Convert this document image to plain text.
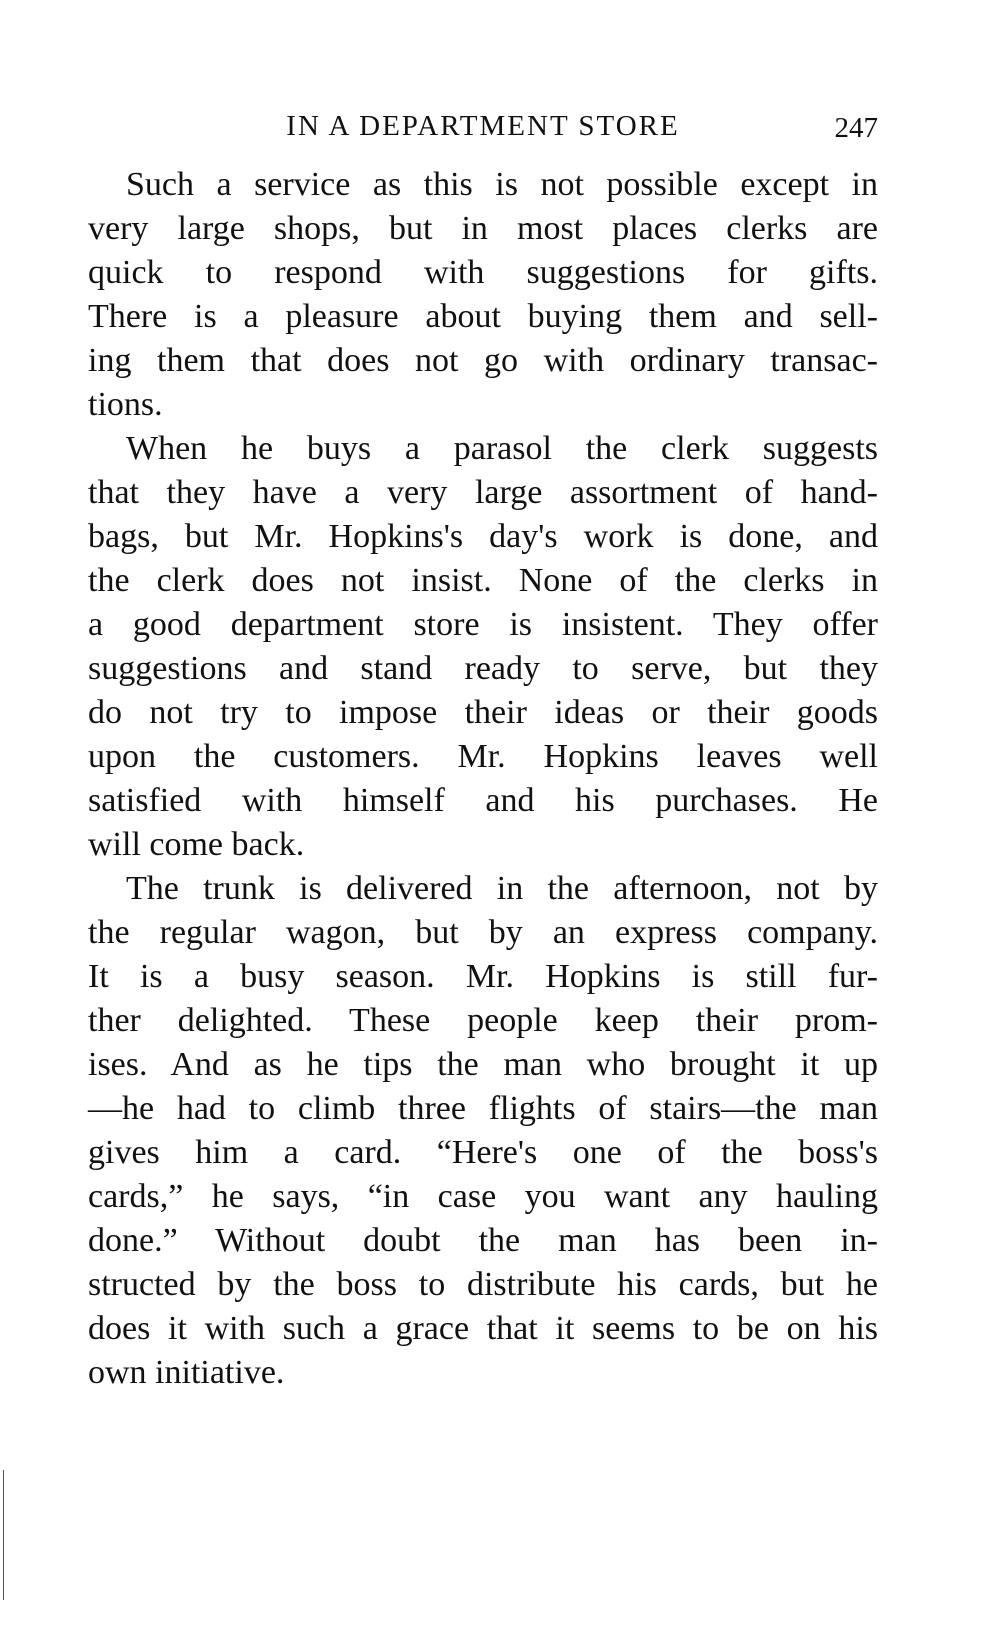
IN A DEPARTMENT STORE	247
Such a service as this is not possible except in
very large shops, but in most places clerks are
quick to respond with suggestions for gifts.
There is a pleasure about buying them and sell-
ing them that does not go with ordinary transac-
tions.
When he buys a parasol the clerk suggests
that they have a very large assortment of hand-
bags, but Mr. Hopkins's day's work is done, and
the clerk does not insist. None of the clerks in
a good department store is insistent. They offer
suggestions and stand ready to serve, but they
do not try to impose their ideas or their goods
upon the customers. Mr. Hopkins leaves well
satisfied with himself and his purchases. He
will come back.
The trunk is delivered in the afternoon, not by
the regular wagon, but by an express company.
It is a busy season. Mr. Hopkins is still fur-
ther delighted. These people keep their prom-
ises. And as he tips the man who brought it up
—he had to climb three flights of stairs—the man
gives him a card. “Here's one of the boss's
cards,” he says, “in case you want any hauling
done.” Without doubt the man has been in-
structed by the boss to distribute his cards, but he
does it with such a grace that it seems to be on his
own initiative.
